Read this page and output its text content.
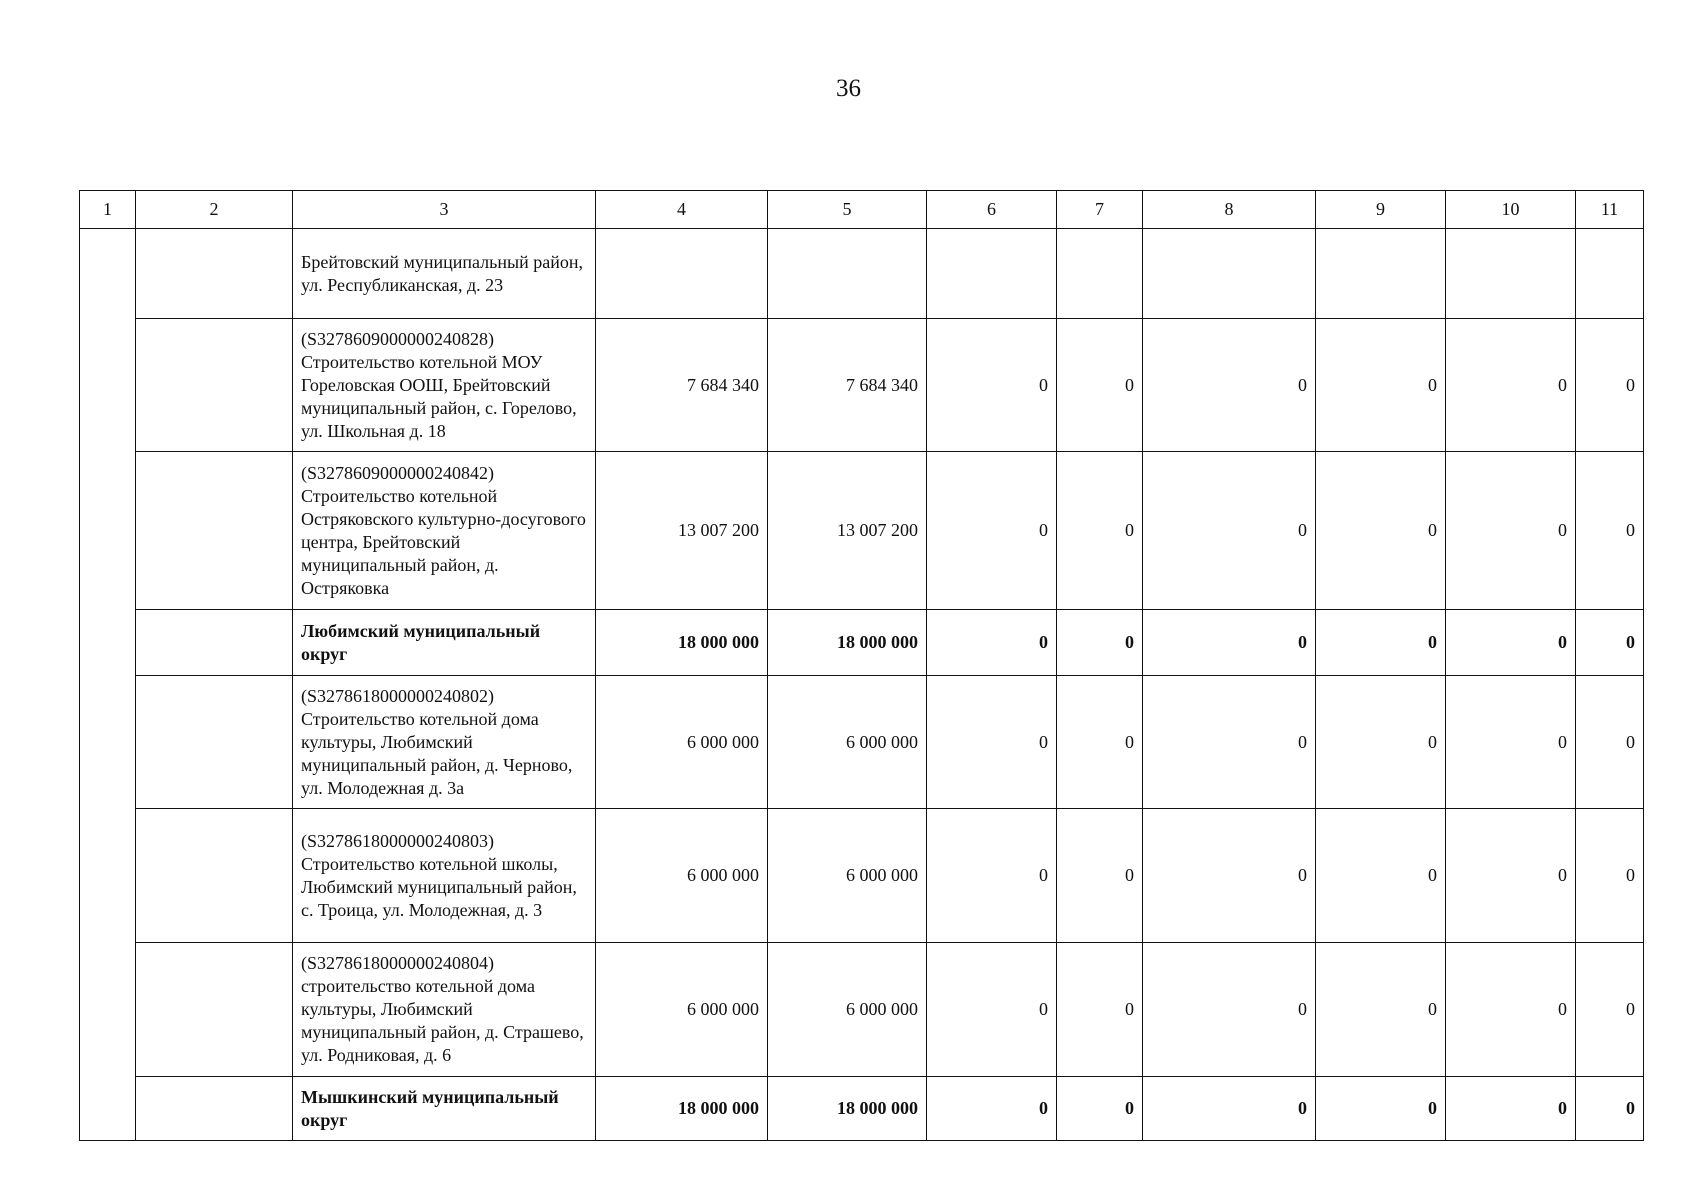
36
1	2	3	4	5	6	7	8	9	10	11
		Брейтовский муниципальный район, ул. Республиканская, д. 23								
		(S3278609000000240828) Строительство котельной МОУ Гореловская ООШ, Брейтовский муниципальный район, с. Горелово, ул. Школьная д. 18	7 684 340	7 684 340	0	0	0	0	0	0
		(S3278609000000240842) Строительство котельной Остряковского культурно-досугового центра, Брейтовский муниципальный район, д. Остряковка	13 007 200	13 007 200	0	0	0	0	0	0
		Любимский муниципальный округ	18 000 000	18 000 000	0	0	0	0	0	0
		(S3278618000000240802) Строительство котельной дома культуры, Любимский муниципальный район, д. Черново, ул. Молодежная д. 3а	6 000 000	6 000 000	0	0	0	0	0	0
		(S3278618000000240803) Строительство котельной школы, Любимский муниципальный район, с. Троица, ул. Молодежная, д. 3	6 000 000	6 000 000	0	0	0	0	0	0
		(S3278618000000240804) строительство котельной дома культуры, Любимский муниципальный район, д. Страшево, ул. Родниковая, д. 6	6 000 000	6 000 000	0	0	0	0	0	0
		Мышкинский муниципальный округ	18 000 000	18 000 000	0	0	0	0	0	0
